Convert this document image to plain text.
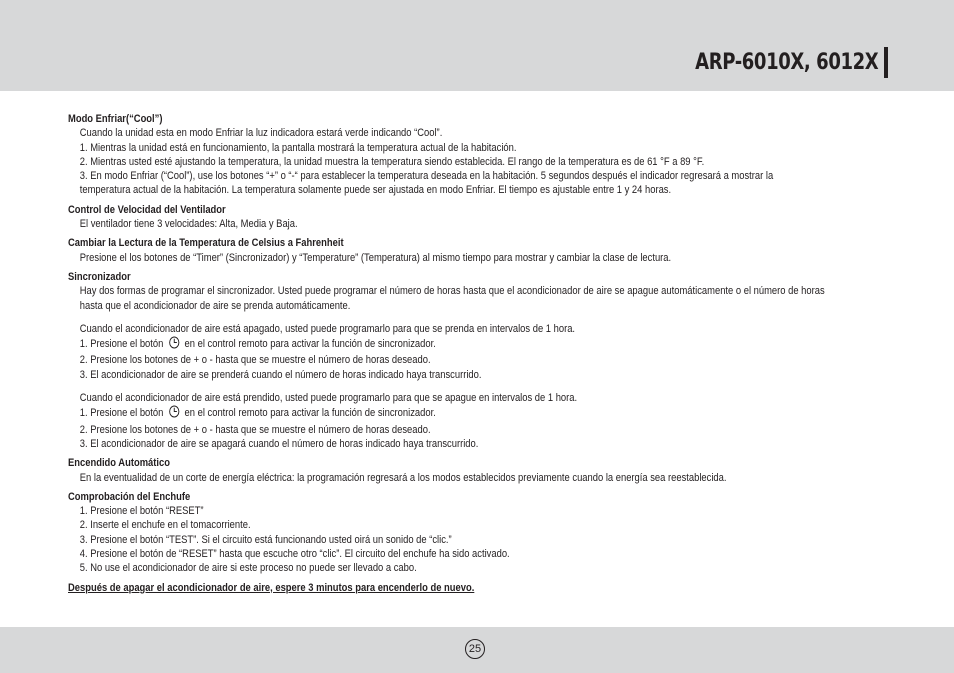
ARP-6010X, 6012X
Modo Enfriar(“Cool”)
Cuando la unidad esta en modo Enfriar la luz indicadora estará verde indicando “Cool”.
1. Mientras la unidad está en funcionamiento, la pantalla mostrará la temperatura actual de la habitación.
2. Mientras usted esté ajustando la temperatura, la unidad muestra la temperatura siendo establecida. El rango de la temperatura es de 61 °F a 89 °F.
3. En modo Enfriar (“Cool”), use los botones “+” o “-“ para establecer la temperatura deseada en la habitación. 5 segundos después el indicador regresará a mostrar la
temperatura actual de la habitación. La temperatura solamente puede ser ajustada en modo Enfriar. El tiempo es ajustable entre 1 y 24 horas.
Control de Velocidad del Ventilador
El ventilador tiene 3 velocidades: Alta, Media y Baja.
Cambiar la Lectura de la Temperatura de Celsius a Fahrenheit
Presione el los botones de “Timer” (Sincronizador) y “Temperature” (Temperatura) al mismo tiempo para mostrar y cambiar la clase de lectura.
Sincronizador
Hay dos formas de programar el sincronizador. Usted puede programar el número de horas hasta que el acondicionador de aire se apague automáticamente o el número de horas
hasta que el acondicionador de aire se prenda automáticamente.
Cuando el acondicionador de aire está apagado, usted puede programarlo para que se prenda en intervalos de 1 hora.
1. Presione el botón en el control remoto para activar la función de sincronizador.
2. Presione los botones de + o - hasta que se muestre el número de horas deseado.
3. El acondicionador de aire se prenderá cuando el número de horas indicado haya transcurrido.
Cuando el acondicionador de aire está prendido, usted puede programarlo para que se apague en intervalos de 1 hora.
1. Presione el botón en el control remoto para activar la función de sincronizador.
2. Presione los botones de + o - hasta que se muestre el número de horas deseado.
3. El acondicionador de aire se apagará cuando el número de horas indicado haya transcurrido.
Encendido Automático
En la eventualidad de un corte de energía eléctrica: la programación regresará a los modos establecidos previamente cuando la energía sea reestablecida.
Comprobación del Enchufe
1. Presione el botón “RESET”
2. Inserte el enchufe en el tomacorriente.
3. Presione el botón “TEST”. Si el circuito está funcionando usted oirá un sonido de “clic.”
4. Presione el botón de “RESET” hasta que escuche otro “clic”. El circuito del enchufe ha sido activado.
5. No use el acondicionador de aire si este proceso no puede ser llevado a cabo.
Después de apagar el acondicionador de aire, espere 3 minutos para encenderlo de nuevo.
25
